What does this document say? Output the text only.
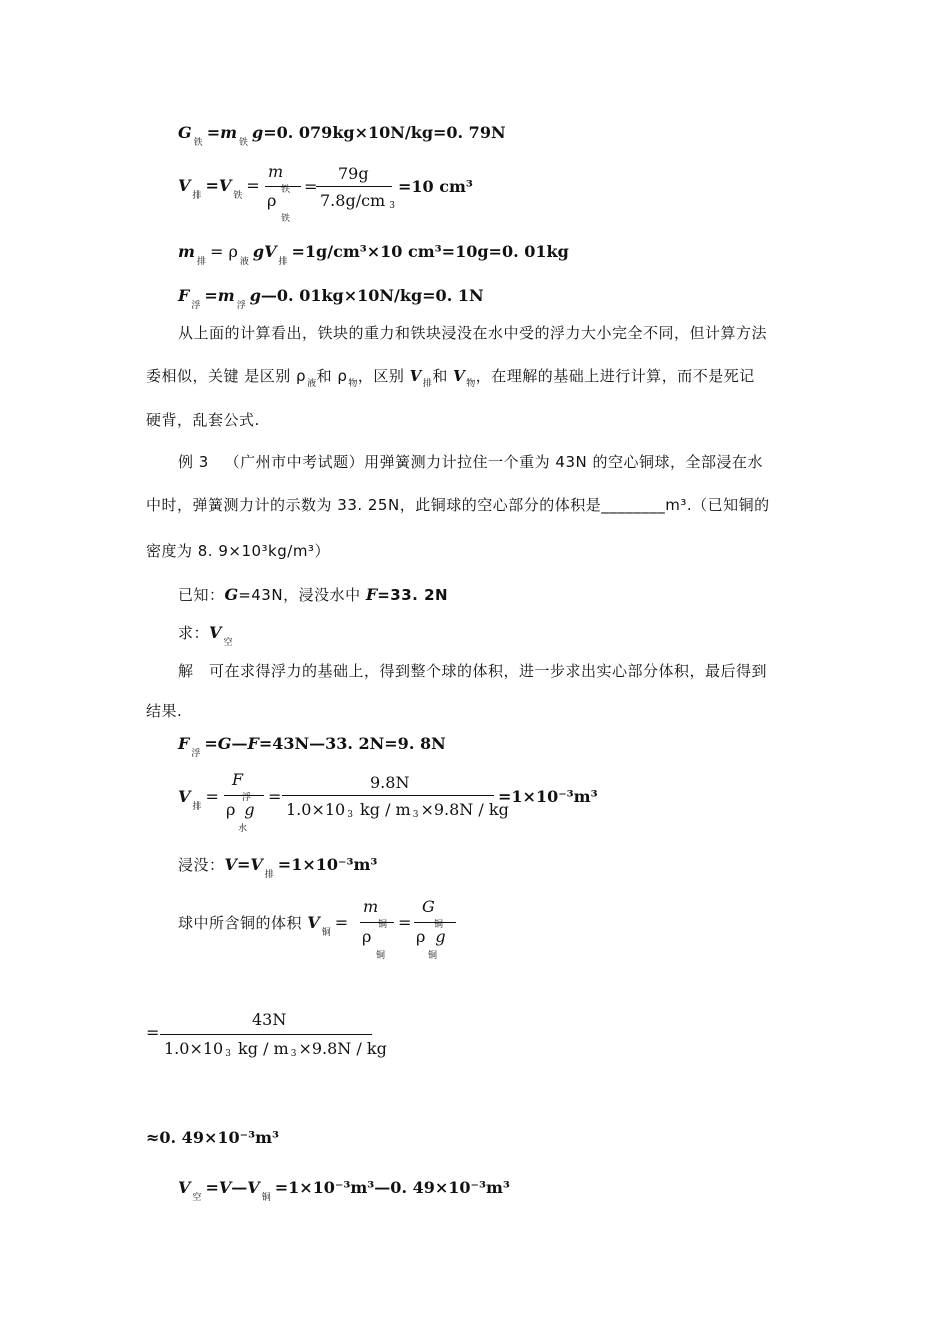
$G_铁=m_铁g=0$. 079kg×10N/kg=0. 79N
$V_排=V_铁=$
m
铁
ρ
铁
=
79g
7.8g/cm 3
=10 cm³
$m_排= \rho_液gV_排=1g/cm^3\times 10$ cm³=10g=0. 01kg
$F_浮=m_浮g—0$. 01kg×10N/kg=0. 1N
从上面的计算看出，铁块的重力和铁块浸没在水中受的浮力大小完全不同，但计算方法
委相似，关键 是区别 $\rho_液$和 $\rho_物$，区别 $V_排$和 $V_物$，在理解的基础上进行计算，而不是死记
硬背，乱套公式.
例 3 （广州市中考试题）用弹簧测力计拉住一个重为 43N 的空心铜球，全部浸在水
中时，弹簧测力计的示数为 33. 25N，此铜球的空心部分的体积是________m³.（已知铜的
密度为 8. 9×10³kg/m³）
已知：G=43N，浸没水中 F=33. 2N
求：$V_空$
解　可在求得浮力的基础上，得到整个球的体积，进一步求出实心部分体积，最后得到
结果.
$F_浮=G—F=43N—33$. 2N=9. 8N
$V_排=$
F
浮
ρ g
水
=
9.8N
1.0×10 3 kg / m 3 ×9.8N / kg
=1×10⁻³m³
浸没：$V=V_排=1\times 10^{-3}m^3$
球中所含铜的体积 $V_铜=$
m
铜
ρ
铜
=
G
铜
ρ g
铜
=
43N
1.0×10 3 kg / m 3 ×9.8N / kg
≈0. 49×10⁻³m³
$V_空=V—V_铜=1\times 10^{-3}m^3—0$. 49×10⁻³m³
